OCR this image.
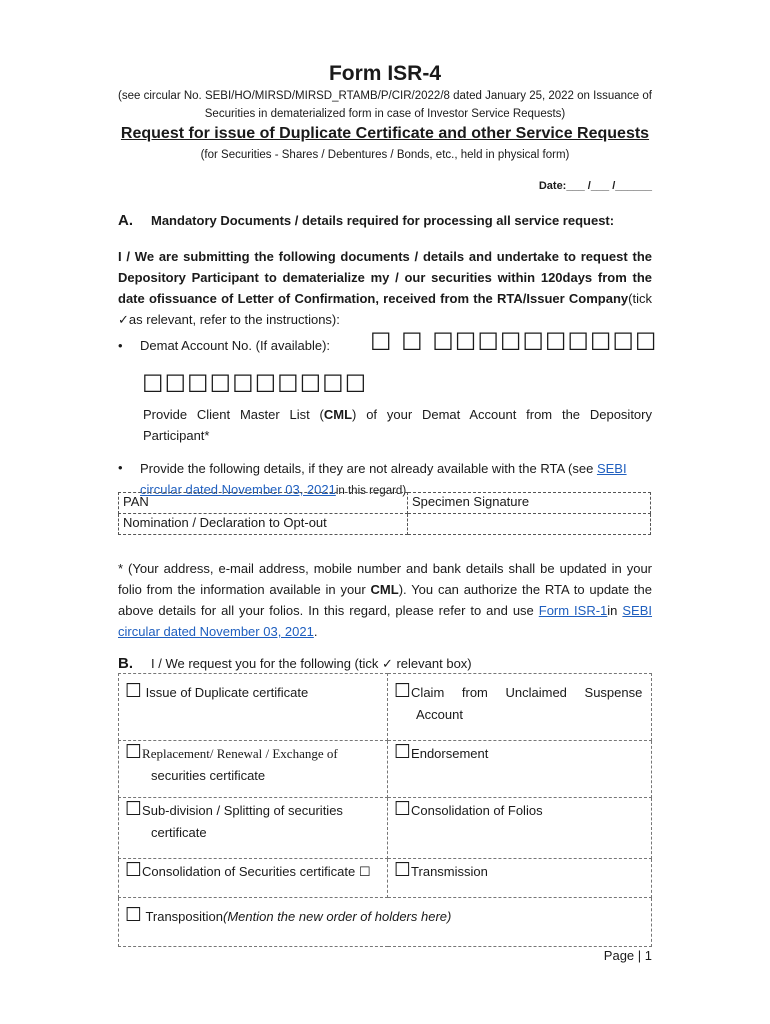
Form ISR-4
(see circular No. SEBI/HO/MIRSD/MIRSD_RTAMB/P/CIR/2022/8 dated January 25, 2022 on Issuance of
Securities in dematerialized form in case of Investor Service Requests)
Request for issue of Duplicate Certificate and other Service Requests
(for Securities - Shares / Debentures / Bonds, etc., held in physical form)
Date:___ /___ /______
A. Mandatory Documents / details required for processing all service request:
I / We are submitting the following documents / details and undertake to request the Depository Participant to dematerialize my / our securities within 120days from the date ofissuance of Letter of Confirmation, received from the RTA/Issuer Company(tick ✓as relevant, refer to the instructions):
• Demat Account No. (If available): ☐ ☐ ☐☐☐☐☐☐☐☐☐☐
☐☐☐☐☐☐☐☐☐☐
Provide Client Master List (CML) of your Demat Account from the Depository Participant*
• Provide the following details, if they are not already available with the RTA (see SEBI circular dated November 03, 2021in this regard)
PAN	Specimen Signature
Nomination / Declaration to Opt-out	
* (Your address, e-mail address, mobile number and bank details shall be updated in your folio from the information available in your CML). You can authorize the RTA to update the above details for all your folios. In this regard, please refer to and use Form ISR-1in SEBI circular dated November 03, 2021.
B. I / We request you for the following (tick ✓ relevant box)
☐ Issue of Duplicate certificate	☐Claim from Unclaimed Suspense
Account

☐Replacement/ Renewal / Exchange of
securities certificate	☐Endorsement
☐Sub-division / Splitting of securities
certificate	☐Consolidation of Folios
☐Consolidation of Securities certificate ☐	☐Transmission
☐ Transposition(Mention the new order of holders here)	
Page | 1
